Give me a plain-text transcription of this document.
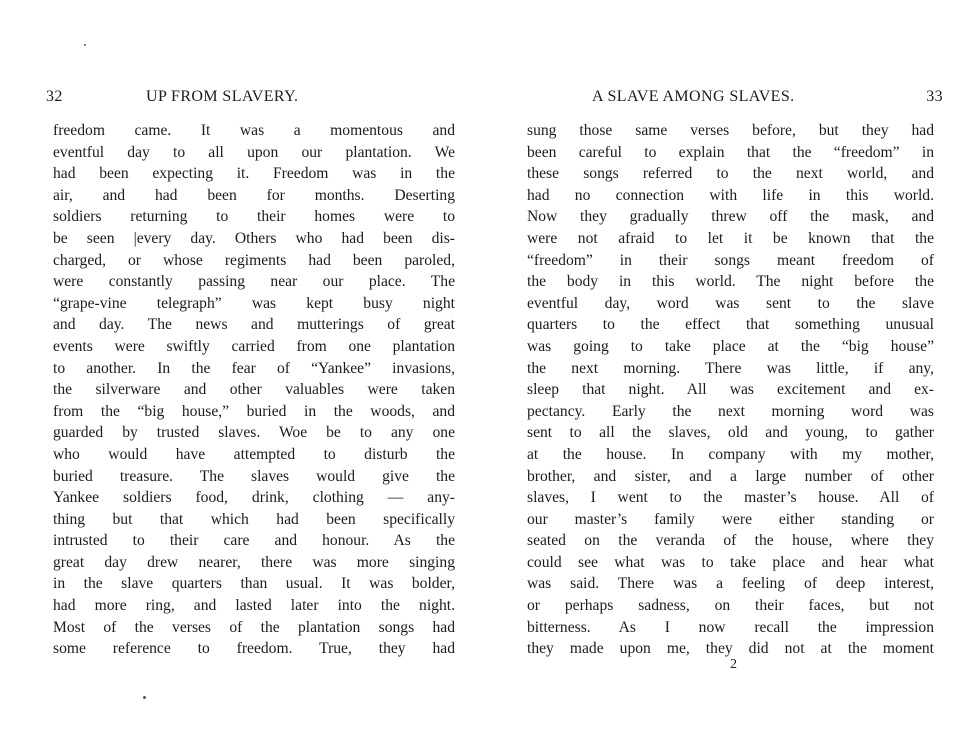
32	UP FROM SLAVERY.
freedom came. It was a momentous and
eventful day to all upon our plantation. We
had been expecting it. Freedom was in the
air, and had been for months. Deserting
soldiers returning to their homes were to
be seen |every day. Others who had been dis-
charged, or whose regiments had been paroled,
were constantly passing near our place. The
“grape-vine telegraph” was kept busy night
and day. The news and mutterings of great
events were swiftly carried from one plantation
to another. In the fear of “Yankee” invasions,
the silverware and other valuables were taken
from the “big house,” buried in the woods, and
guarded by trusted slaves. Woe be to any one
who would have attempted to disturb the
buried treasure. The slaves would give the
Yankee soldiers food, drink, clothing — any-
thing but that which had been specifically
intrusted to their care and honour. As the
great day drew nearer, there was more singing
in the slave quarters than usual. It was bolder,
had more ring, and lasted later into the night.
Most of the verses of the plantation songs had
some reference to freedom. True, they had
A SLAVE AMONG SLAVES.	33
sung those same verses before, but they had
been careful to explain that the “freedom” in
these songs referred to the next world, and
had no connection with life in this world.
Now they gradually threw off the mask, and
were not afraid to let it be known that the
“freedom” in their songs meant freedom of
the body in this world. The night before the
eventful day, word was sent to the slave
quarters to the effect that something unusual
was going to take place at the “big house”
the next morning. There was little, if any,
sleep that night. All was excitement and ex-
pectancy. Early the next morning word was
sent to all the slaves, old and young, to gather
at the house. In company with my mother,
brother, and sister, and a large number of other
slaves, I went to the master’s house. All of
our master’s family were either standing or
seated on the veranda of the house, where they
could see what was to take place and hear what
was said. There was a feeling of deep interest,
or perhaps sadness, on their faces, but not
bitterness. As I now recall the impression
they made upon me, they did not at the moment
2
